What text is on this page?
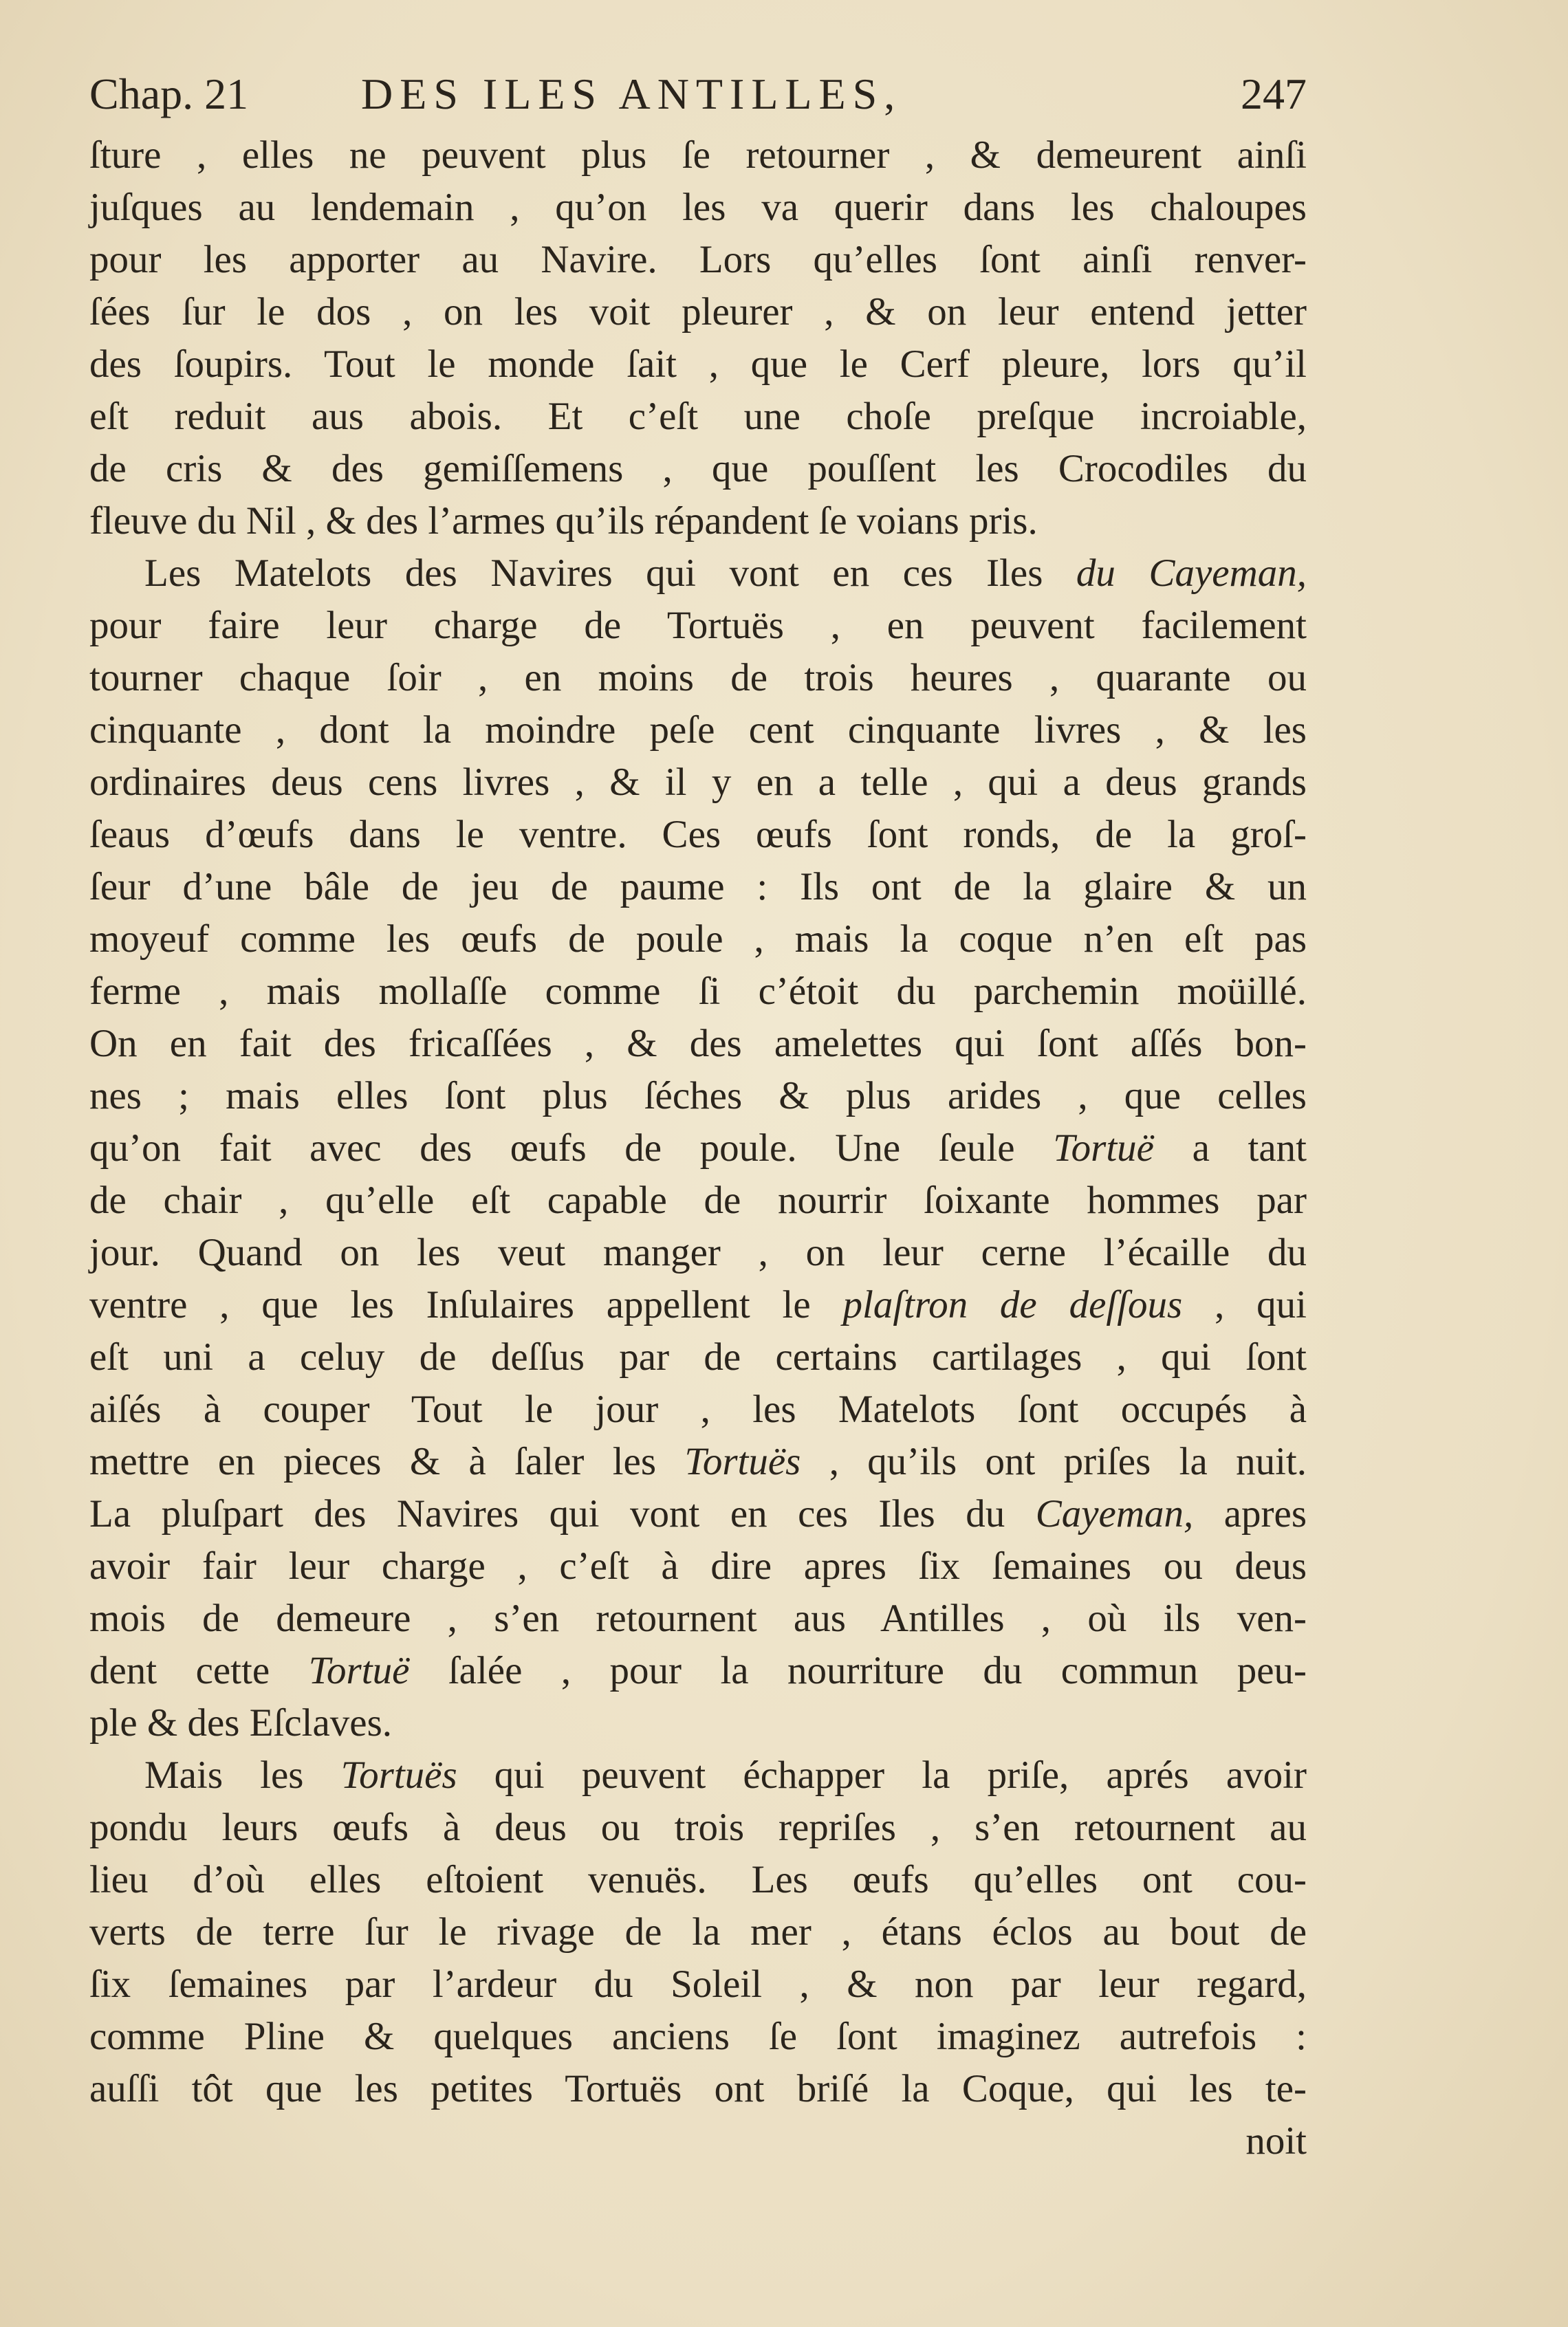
Chap. 21	DES ILES ANTILLES,	247
ſture , elles ne peuvent plus ſe retourner , & demeurent ainſi
juſques au lendemain , qu’on les va querir dans les chaloupes
pour les apporter au Navire. Lors qu’elles ſont ainſi renver-
ſées ſur le dos , on les voit pleurer , & on leur entend jetter
des ſoupirs. Tout le monde ſait , que le Cerf pleure, lors qu’il
eſt reduit aus abois. Et c’eſt une choſe preſque incroiable,
de cris & des gemiſſemens , que pouſſent les Crocodiles du
fleuve du Nil , & des l’armes qu’ils répandent ſe voians pris.
Les Matelots des Navires qui vont en ces Iles du Cayeman,
pour faire leur charge de Tortuës , en peuvent facilement
tourner chaque ſoir , en moins de trois heures , quarante ou
cinquante , dont la moindre peſe cent cinquante livres , & les
ordinaires deus cens livres , & il y en a telle , qui a deus grands
ſeaus d’œufs dans le ventre. Ces œufs ſont ronds, de la groſ-
ſeur d’une bâle de jeu de paume : Ils ont de la glaire & un
moyeuf comme les œufs de poule , mais la coque n’en eſt pas
ferme , mais mollaſſe comme ſi c’étoit du parchemin moüillé.
On en fait des fricaſſées , & des amelettes qui ſont aſſés bon-
nes ; mais elles ſont plus ſéches & plus arides , que celles
qu’on fait avec des œufs de poule. Une ſeule Tortuë a tant
de chair , qu’elle eſt capable de nourrir ſoixante hommes par
jour. Quand on les veut manger , on leur cerne l’écaille du
ventre , que les Inſulaires appellent le plaſtron de deſſous , qui
eſt uni a celuy de deſſus par de certains cartilages , qui ſont
aiſés à couper Tout le jour , les Matelots ſont occupés à
mettre en pieces & à ſaler les Tortuës , qu’ils ont priſes la nuit.
La pluſpart des Navires qui vont en ces Iles du Cayeman, apres
avoir fair leur charge , c’eſt à dire apres ſix ſemaines ou deus
mois de demeure , s’en retournent aus Antilles , où ils ven-
dent cette Tortuë ſalée , pour la nourriture du commun peu-
ple & des Eſclaves.
Mais les Tortuës qui peuvent échapper la priſe, aprés avoir
pondu leurs œufs à deus ou trois repriſes , s’en retournent au
lieu d’où elles eſtoient venuës. Les œufs qu’elles ont cou-
verts de terre ſur le rivage de la mer , étans éclos au bout de
ſix ſemaines par l’ardeur du Soleil , & non par leur regard,
comme Pline & quelques anciens ſe ſont imaginez autrefois :
auſſi tôt que les petites Tortuës ont briſé la Coque, qui les te-
noit
